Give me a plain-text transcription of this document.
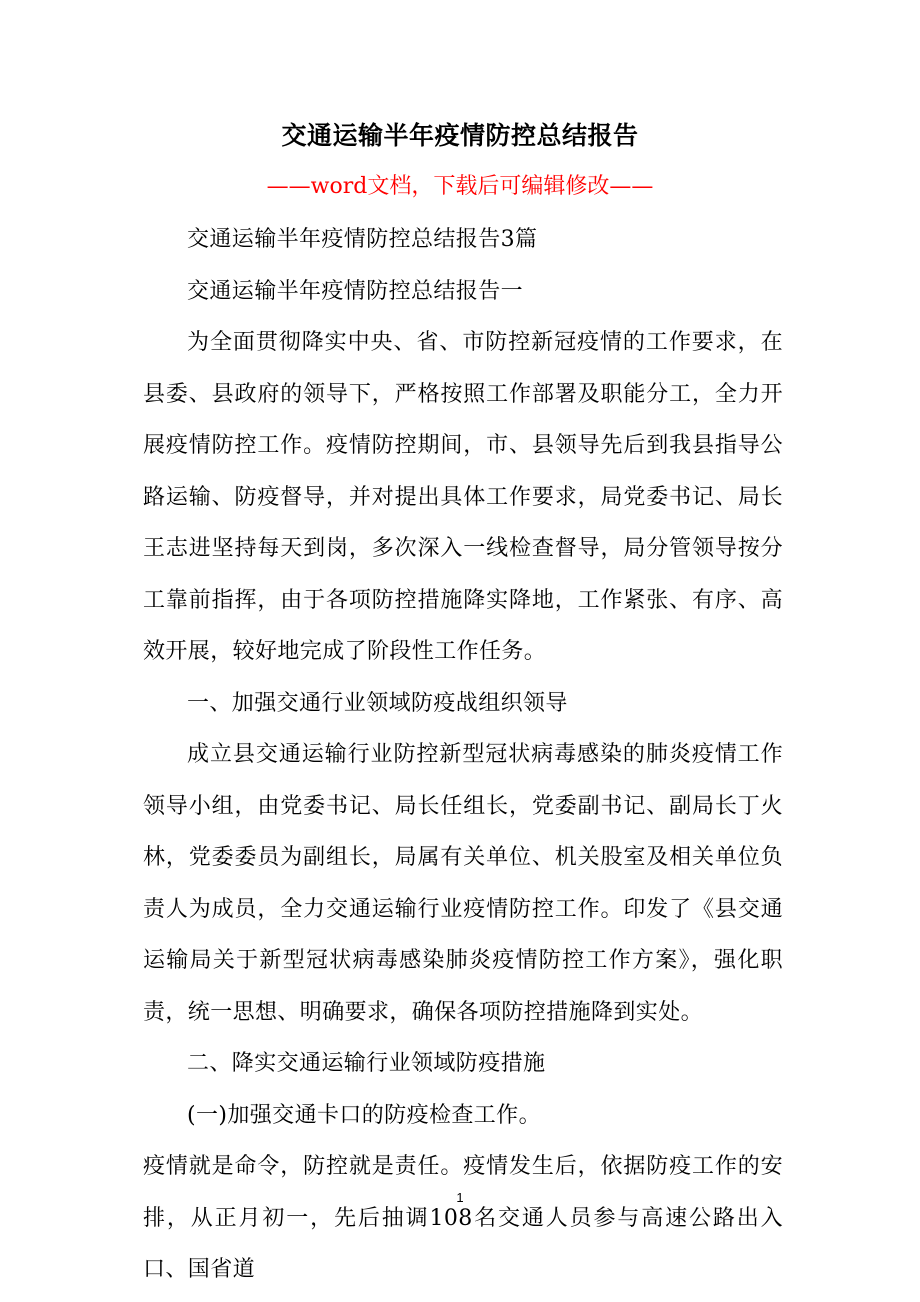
交通运输半年疫情防控总结报告
——word文档，下载后可编辑修改——

交通运输半年疫情防控总结报告3篇

交通运输半年疫情防控总结报告一

为全面贯彻降实中央、省、市防控新冠疫情的工作要求，在县委、县政府的领导下，严格按照工作部署及职能分工，全力开展疫情防控工作。疫情防控期间，市、县领导先后到我县指导公路运输、防疫督导，并对提出具体工作要求，局党委书记、局长王志进坚持每天到岗，多次深入一线检查督导，局分管领导按分工靠前指挥，由于各项防控措施降实降地，工作紧张、有序、高效开展，较好地完成了阶段性工作任务。

一、加强交通行业领域防疫战组织领导

成立县交通运输行业防控新型冠状病毒感染的肺炎疫情工作领导小组，由党委书记、局长任组长，党委副书记、副局长丁火林，党委委员为副组长，局属有关单位、机关股室及相关单位负责人为成员，全力交通运输行业疫情防控工作。印发了《县交通运输局关于新型冠状病毒感染肺炎疫情防控工作方案》，强化职责，统一思想、明确要求，确保各项防控措施降到实处。

二、降实交通运输行业领域防疫措施

(一)加强交通卡口的防疫检查工作。

疫情就是命令，防控就是责任。疫情发生后，依据防疫工作的安排，从正月初一，先后抽调108名交通人员参与高速公路出入口、国省道

1
